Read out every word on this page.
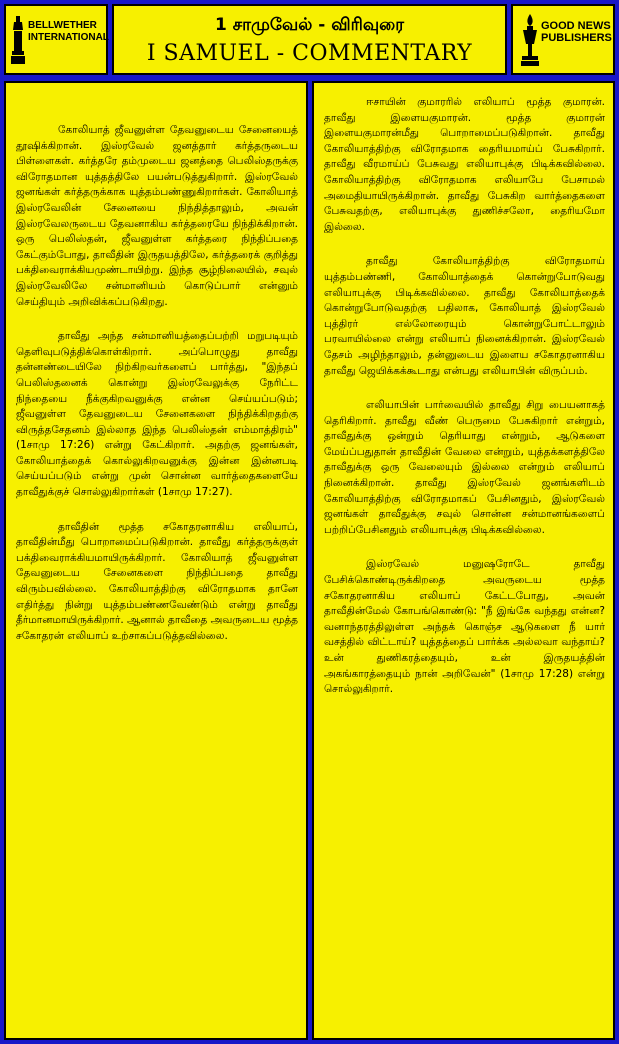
BELLWETHER
INTERNATIONAL
1 சாமுவேல் - விரிவுரை
I SAMUEL - COMMENTARY
GOOD NEWS
PUBLISHERS

கோலியாத் ஜீவனுள்ள தேவனுடைய சேனையைத் தூஷிக்கிறான். இஸ்ரவேல் ஜனத்தார் கர்த்தருடைய பிள்ளைகள். கர்த்தரே தம்முடைய ஜனத்தை பெலிஸ்தருக்கு விரோதமான யுத்தத்திலே பயன்படுத்துகிறார். இஸ்ரவேல் ஜனங்கள் கர்த்தருக்காக யுத்தம்பண்ணுகிறார்கள். கோலியாத் இஸ்ரவேலின் சேனையை நிந்தித்தாலும், அவன் இஸ்ரவேலருடைய தேவனாகிய கர்த்தரையே நிந்திக்கிறான். ஒரு பெலிஸ்தன், ஜீவனுள்ள கர்த்தரை நிந்திப்பதை கேட்கும்போது, தாவீதின் இருதயத்திலே, கர்த்தரைக் குறித்து பக்திவைராக்கியமுண்டாயிற்று. இந்த சூழ்நிலையில், சவுல் இஸ்ரவேலிலே சன்மானியம் கொடுப்பார் என்னும் செய்தியும் அறிவிக்கப்படுகிறது.

தாவீது அந்த சன்மானியத்தைப்பற்றி மறுபடியும் தெளிவுபடுத்திக்கொள்கிறார். அப்பொழுது தாவீது தன்னண்டையிலே நிற்கிறவர்களைப் பார்த்து, "இந்தப் பெலிஸ்தனைக் கொன்று இஸ்ரவேலுக்கு நேரிட்ட நிந்தையை நீக்குகிறவனுக்கு என்ன செய்யப்படும்; ஜீவனுள்ள தேவனுடைய சேனைகளை நிந்திக்கிறதற்கு விருத்தசேதனம் இல்லாத இந்த பெலிஸ்தன் எம்மாத்திரம்" (1சாமு 17:26) என்று கேட்கிறார். அதற்கு ஜனங்கள், கோலியாத்தைக் கொல்லுகிறவனுக்கு இன்ன இன்னபடி செய்யப்படும் என்று முன் சொன்ன வார்த்தைகளையே தாவீதுக்குச் சொல்லுகிறார்கள் (1சாமு 17:27).

தாவீதின் மூத்த சகோதரனாகிய எலியாப், தாவீதின்மீது பொறாமைப்படுகிறான். தாவீது கர்த்தருக்குள் பக்திவைராக்கியமாயிருக்கிறார். கோலியாத் ஜீவனுள்ள தேவனுடைய சேனைகளை நிந்திப்பதை தாவீது விரும்பவில்லை. கோலியாத்திற்கு விரோதமாக தானே எதிர்த்து நின்று யுத்தம்பண்ணவேண்டும் என்று தாவீது தீர்மானமாயிருக்கிறார். ஆனால் தாவீதை அவருடைய மூத்த சகோதரன் எலியாப் உற்சாகப்படுத்தவில்லை.

ஈசாயின் குமாரரில் எலியாப் மூத்த குமாரன். தாவீது இளையகுமாரன். மூத்த குமாரன் இளையகுமாரன்மீது பொறாமைப்படுகிறான். தாவீது கோலியாத்திற்கு விரோதமாக தைரியமாய்ப் பேசுகிறார். தாவீது வீரமாய்ப் பேசுவது எலியாபுக்கு பிடிக்கவில்லை. கோலியாத்திற்கு விரோதமாக எலியாபே பேசாமல் அமைதியாயிருக்கிறான். தாவீது பேசுகிற வார்த்தைகளை பேசுவதற்கு, எலியாபுக்கு துணிச்சலோ, தைரியமோ இல்லை.

தாவீது கோலியாத்திற்கு விரோதமாய் யுத்தம்பண்ணி, கோலியாத்தைக் கொன்றுபோடுவது எலியாபுக்கு பிடிக்கவில்லை. தாவீது கோலியாத்தைக் கொன்றுபோடுவதற்கு பதிலாக, கோலியாத் இஸ்ரவேல் புத்திரர் எல்லோரையும் கொன்றுபோட்டாலும் பரவாயில்லை என்று எலியாப் நினைக்கிறான். இஸ்ரவேல் தேசம் அழிந்தாலும், தன்னுடைய இளைய சகோதரனாகிய தாவீது ஜெயிக்கக்கூடாது என்பது எலியாபின் விருப்பம்.

எலியாபின் பார்வையில் தாவீது சிறு பையனாகத் தெரிகிறார். தாவீது வீண் பெருமை பேசுகிறார் என்றும், தாவீதுக்கு ஒன்றும் தெரியாது என்றும், ஆடுகளை மேய்ப்பதுதான் தாவீதின் வேலை என்றும், யுத்தக்களத்திலே தாவீதுக்கு ஒரு வேலையும் இல்லை என்றும் எலியாப் நினைக்கிறான். தாவீது இஸ்ரவேல் ஜனங்களிடம் கோலியாத்திற்கு விரோதமாகப் பேசினதும், இஸ்ரவேல் ஜனங்கள் தாவீதுக்கு சவுல் சொன்ன சன்மானங்களைப் பற்றிப்பேசினதும் எலியாபுக்கு பிடிக்கவில்லை.

இஸ்ரவேல் மனுஷரோடே தாவீது பேசிக்கொண்டிருக்கிறதை அவருடைய மூத்த சகோதரனாகிய எலியாப் கேட்டபோது, அவன் தாவீதின்மேல் கோபங்கொண்டு: "நீ இங்கே வந்தது என்ன? வனாந்தரத்திலுள்ள அந்தக் கொஞ்ச ஆடுகளை நீ யார் வசத்தில் விட்டாய்? யுத்தத்தைப் பார்க்க அல்லவா வந்தாய்? உன் துணிகரத்தையும், உன் இருதயத்தின் அகங்காரத்தையும் நான் அறிவேன்" (1சாமு 17:28) என்று சொல்லுகிறார்.
